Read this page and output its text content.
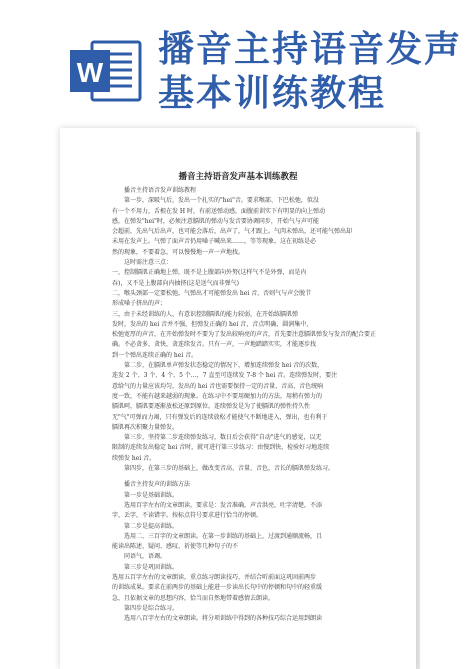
W
播音主持语音发声
基本训练教程
播音主持语音发声基本训练教程
播音主持语音发声训练教程
第一步，深吸气后，发出一个扎实的"hei"音。要求喉部、下巴松弛，似没
有一个不用力，舌根在发 H 时，有前送弹动感，面腹前训实下有明显的向上弹动
感，在弹发"hei"时，必须注意膈肌的弹动与发音要协调同步，开始气与声可能
会超前，先出气后出声，也可能会落后，出声了，气才跟上。气肉未弹出，还可能气弹出却
未用在发声上。气弹了面声音仍用嗓子喊出来……，等等现象。这在初练是必
然的现象，不要着急，可以慢慢地一声一声地找。
这时需注意三点：
一，控制膈肌正确地上弹，既不是上腹部向外努(这样气不是外弹，而是内
吞)，又不是上腹部向内抽挤(这是送气而非弹气)
二，喉头颈部一定要松弛，气弹出才可能弹发出 hei 音，否则气与声会脱节
形成嗓子挤出的声；
三，由于未经训练的人，有意识控制膈肌的能力较弱，在开始练膈肌弹
发时，发出的 hei 音并不强，但弹发正确的 hei 音，音点明确、圆润集中，
松弛宽厚的声音，在开始弹发时不要为了发出较响亮的声音，首先要注意膈肌弹发与发音的配合要正
确。不必贪多，贪快，贪连续发音。只有一声，一声地踏踏实实，才能逐步找
到一个弹出连续正确的 hei 音。
第二步，在膈肌单声弹发状态稳定的情况下，增加连续弹发 hei 音的次数，
连发 2 个、3 个、4 个、5 个…，7 直至可连续发 7-8 个 hei 音。连续弹发时，要注
意给气的力量应该均匀，发出的 hei 音也需要保持一定的音量、音高、音色统响
度一致，不能有越来越弱的现象。在练习中不要用硬加力的方法，用稍有弹力的
膈肌呵，膈肌要逐渐放松还原到原位。连续弹发是为了使膈肌的弹性持久性
无"气"可弹而力竭，只有弹发后的连续放松才能使气不断地进入，弹出，也有利于
膈肌再次积聚力量弹发。
第三步，坚持第二步连续弹发练习，数日后会获得"自动"进气的感觉，以无
限制的连续发出稳定 hei 音时，就可进行第三步练习：由慢到快，检验好习地连续
续弹发 hei 音。
第四步，在第三步的基础上，做改变音高、音量、音色，音长的膈肌弹发练习。
播音主持发声的训练方法
第一步是基础训练。
选用百字左右的文章朗读。要求是：发音准确，声音洪亮，吐字清楚，不添
字，丢字，不读错字。按标点符号要求进行恰当的停顿。
第二步是提高训练。
选用二、三百字的文章朗读。在第一步训练的基础上，过渡到通顺流畅，且
能读出陈述、疑问、感叹、祈使等几种句子的不
同语气，语调。
第三步是巩固训练。
选用五百字左右的文章朗读，重点练习朗读技巧，并结合听前面这巩固前两步
的训练成果。要求在前两步的基础上能进一步读出长句中的停顿和句中的轻重缓
急，且依据文章的思想内容，恰当而自然地带着感情去朗读。
第四步是综合练习。
选用八百字左右的文章朗读。将分项训练中得到的各种技巧综合运用到朗读
